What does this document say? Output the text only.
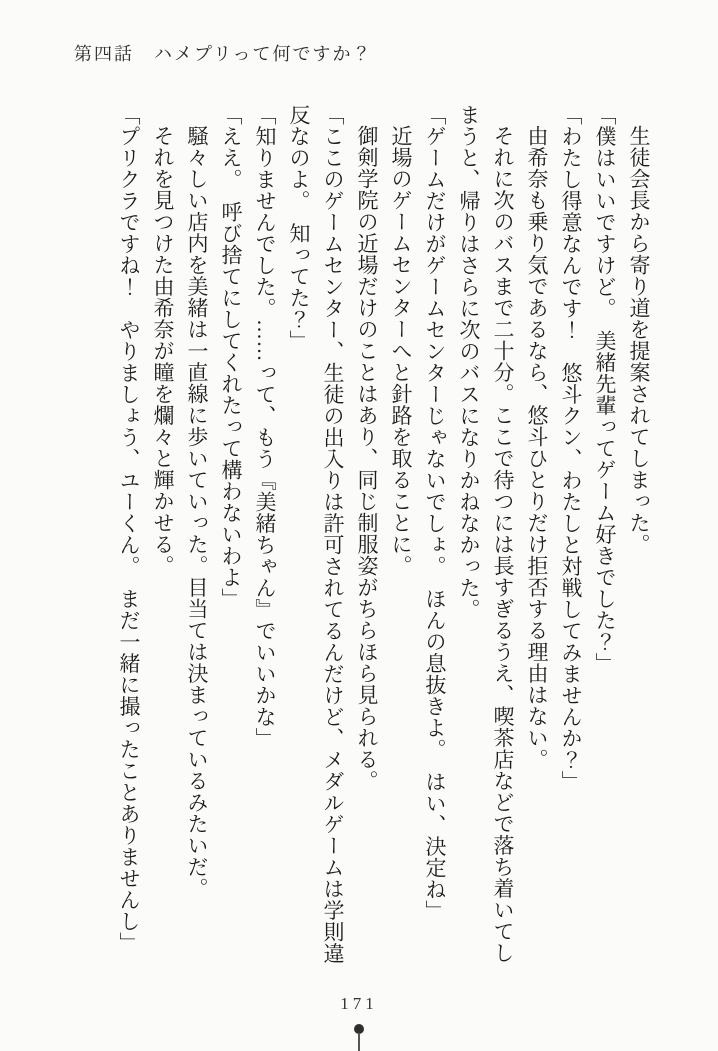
第四話　ハメプリって何ですか？

生徒会長から寄り道を提案されてしまった。

「僕はいいですけど。　美緒先輩ってゲーム好きでした？」

「わたし得意なんです！　悠斗クン、わたしと対戦してみませんか？」

由希奈も乗り気であるなら、悠斗ひとりだけ拒否する理由はない。

それに次のバスまで二十分。ここで待つには長すぎるうえ、喫茶店などで落ち着いてし

まうと、帰りはさらに次のバスになりかねなかった。

「ゲームだけがゲームセンターじゃないでしょ。　ほんの息抜きよ。　はい、決定ね」

近場のゲームセンターへと針路を取ることに。

御剣学院の近場だけのことはあり、同じ制服姿がちらほら見られる。

「ここのゲームセンター、生徒の出入りは許可されてるんだけど、メダルゲームは学則違

反なのよ。　知ってた？」

「知りませんでした。……って、もう『美緒ちゃん』でいいかな」

「ええ。　呼び捨てにしてくれたって構わないわよ」

騒々しい店内を美緒は一直線に歩いていった。目当ては決まっているみたいだ。

それを見つけた由希奈が瞳を爛々と輝かせる。

「プリクラですね！　やりましょう、ユーくん。　まだ一緒に撮ったことありませんし」

171
